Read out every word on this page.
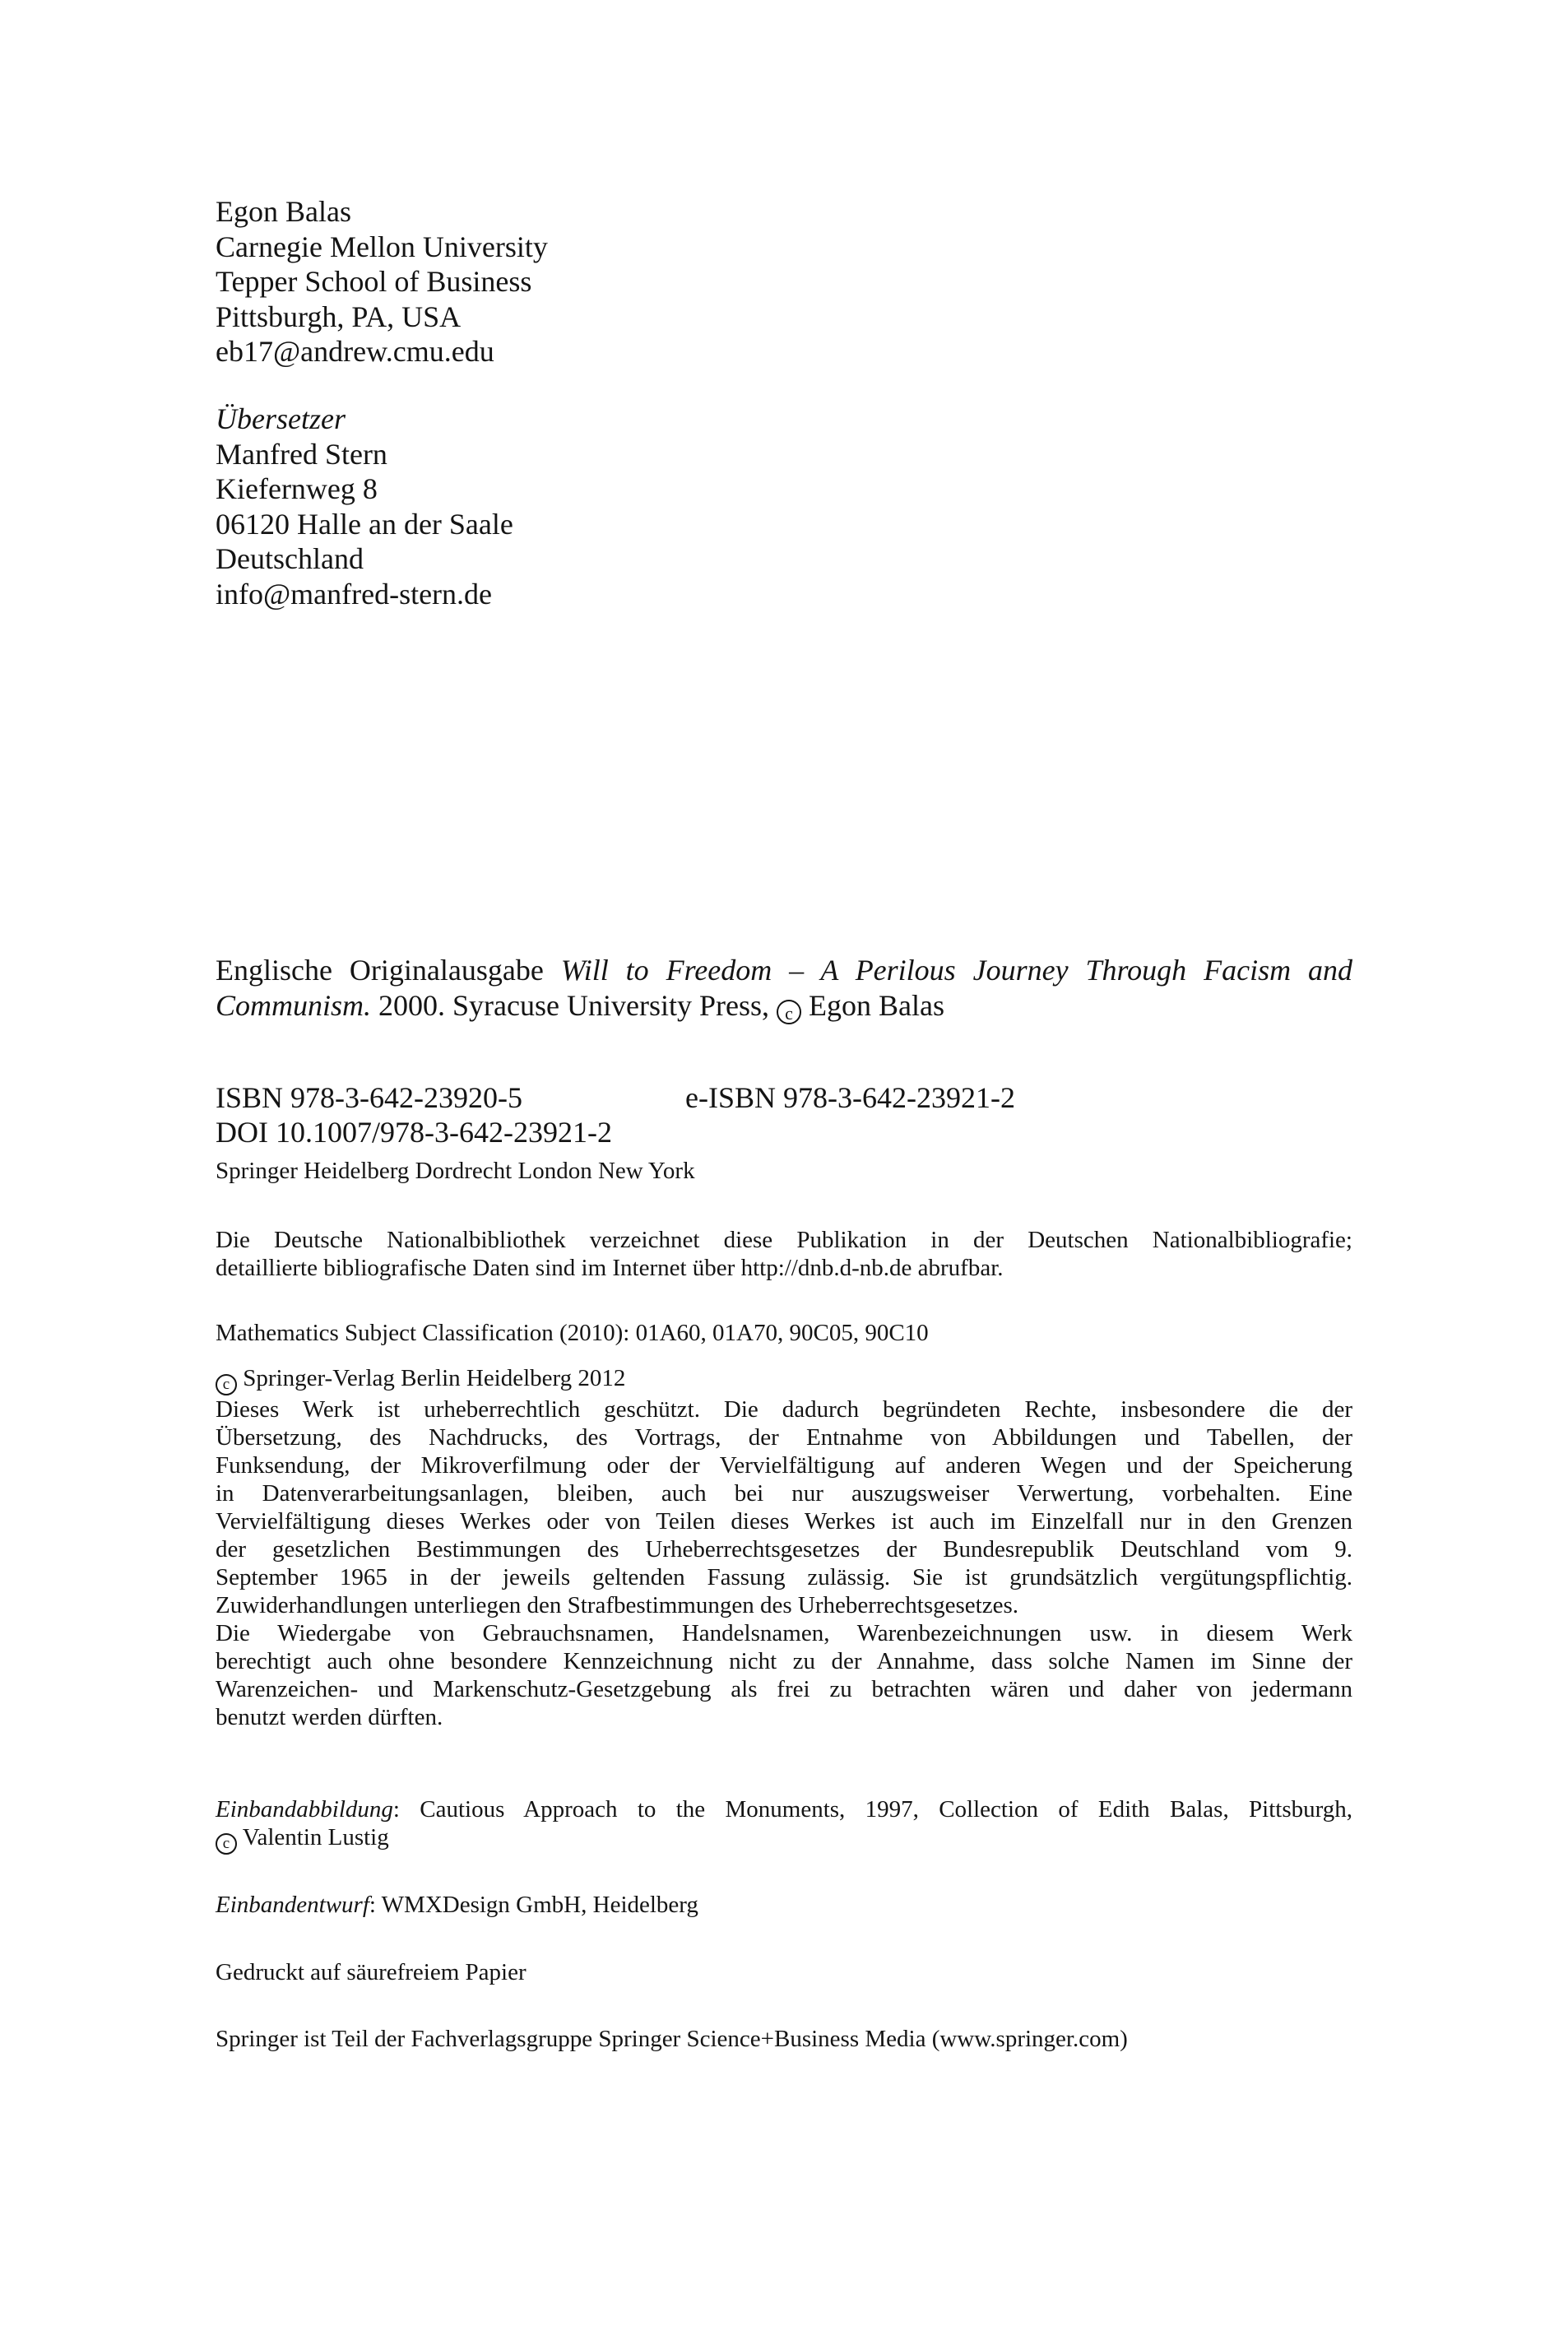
Egon Balas
Carnegie Mellon University
Tepper School of Business
Pittsburgh, PA, USA
eb17@andrew.cmu.edu
Übersetzer
Manfred Stern
Kiefernweg 8
06120 Halle an der Saale
Deutschland
info@manfred-stern.de
Englische Originalausgabe Will to Freedom – A Perilous Journey Through Facism and
Communism. 2000. Syracuse University Press, c Egon Balas
ISBN 978-3-642-23920-5	e-ISBN 978-3-642-23921-2
DOI 10.1007/978-3-642-23921-2
Springer Heidelberg Dordrecht London New York
Die Deutsche Nationalbibliothek verzeichnet diese Publikation in der Deutschen Nationalbibliografie;
detaillierte bibliografische Daten sind im Internet über http://dnb.d-nb.de abrufbar.
Mathematics Subject Classification (2010): 01A60, 01A70, 90C05, 90C10
c Springer-Verlag Berlin Heidelberg 2012
Dieses Werk ist urheberrechtlich geschützt. Die dadurch begründeten Rechte, insbesondere die der
Übersetzung, des Nachdrucks, des Vortrags, der Entnahme von Abbildungen und Tabellen, der
Funksendung, der Mikroverfilmung oder der Vervielfältigung auf anderen Wegen und der Speicherung
in Datenverarbeitungsanlagen, bleiben, auch bei nur auszugsweiser Verwertung, vorbehalten. Eine
Vervielfältigung dieses Werkes oder von Teilen dieses Werkes ist auch im Einzelfall nur in den Grenzen
der gesetzlichen Bestimmungen des Urheberrechtsgesetzes der Bundesrepublik Deutschland vom 9.
September 1965 in der jeweils geltenden Fassung zulässig. Sie ist grundsätzlich vergütungspflichtig.
Zuwiderhandlungen unterliegen den Strafbestimmungen des Urheberrechtsgesetzes.
Die Wiedergabe von Gebrauchsnamen, Handelsnamen, Warenbezeichnungen usw. in diesem Werk
berechtigt auch ohne besondere Kennzeichnung nicht zu der Annahme, dass solche Namen im Sinne der
Warenzeichen- und Markenschutz-Gesetzgebung als frei zu betrachten wären und daher von jedermann
benutzt werden dürften.
Einbandabbildung: Cautious Approach to the Monuments, 1997, Collection of Edith Balas, Pittsburgh,
c Valentin Lustig
Einbandentwurf: WMXDesign GmbH, Heidelberg
Gedruckt auf säurefreiem Papier
Springer ist Teil der Fachverlagsgruppe Springer Science+Business Media (www.springer.com)
